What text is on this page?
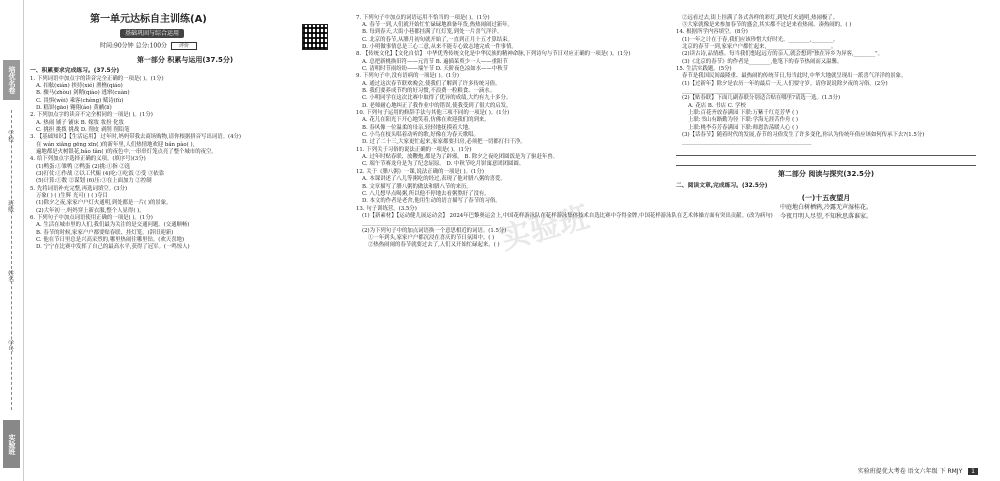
培优名卷
学校
班级
姓名
学号
实验班
实验班
第一单元达标自主训练(A)
基础巩固与综合运用
时间:90分钟 总分:100分 评价
第一部分 积累与运用(37.5分)

一、积累要求完成练习。(37.5分)

1. 下列词语中加点字的读音完全正确的一项是( )。(1分)

A. 扣舷(xián) 挟持(xié) 渔樵(qiáo)

B. 骤马(zhòu) 剑鞘(qiào) 逃窜(cuàn)

C. 畏惧(wèi) 乘客(chèng) 赋诗(fù)

D. 糕饼(gāo) 翱翔(áo) 黄鹂(lí)

2. 下列加点字的读音不完全相同的一项是( )。(1分)

A. 热闹 铺子 铺床 B. 嫁妆 妆扮 化妆

C. 挑担 挑拨 挑战 D. 削皮 剥削 削铅笔

3. 【基础知识】【生活运用】 过年时,妈妈带我去商场购物,请你根据拼音写出词语。(4分)

在 wán xiǎng gēng xīn( )的新年里,人们热情地欢迎 bǎn pào( ),

遍地都是火树银花,bǎo tǎn( )的夜色中,一串串灯笼点亮了整个城市的夜空。

4. 给下列加点字选择正确的义项。(填序号)(3分)

(1)鸭蛋:①雏鸭 ②鸭蛋 (2)挑:①指 ②选

(3)打仗:①作战 ②以工代赈 (4)吃:①吃饭 ②受 ③依靠

(5)计算:①数 ②谋划 (6)压:①在上面加力 ②控制

5. 先将词语补充完整,再选词填空。(3分)

万象( ) ( )生辉 光可( ) ( )夺目

(1)除夕之夜,家家户户灯火通明,到处都是一片( )的景象。

(2)大年初一,妈妈穿上新衣服,整个人显得( )。

6. 下列句子中加点词语使用正确的一项是( )。(1分)

A. 生活在城市里的人们,我们最为关注的是交通问题。(交通顺畅)

B. 春节的时候,家家户户都要贴春联、挂灯笼。(辞旧迎新)

C. 他在节日里总是兴高采烈的,哪里热闹往哪里钻。(欢天喜地)

D. 宁宁在比赛中发挥了自己的最高水平,获得了冠军。(一鸣惊人)

7. 下列句子中加点的词语运用不恰当的一项是( )。(1分)

A. 春节一到,人们就开始忙忙碌碌地准备年货,热热闹闹过新年。

B. 每到春天,大街小巷都挂满了红灯笼,到处一片喜气洋洋。

C. 北京的春节,从腊月初旬就开始了,一直到正月十五才算结束。

D. 小明做事情总是三心二意,从来不能专心致志地完成一件事情。

8. 【传统文化】【文化自信】 中华优秀传统文化是中华民族的精神命脉,下列诗句与节日对应正确的一项是( )。(1分)

A. 总把新桃换旧符——元宵节 B. 遍插茱萸少一人——重阳节

C. 清明时节雨纷纷——端午节 D. 天阶夜色凉如水——中秋节

9. 下列句子中,没有语病的一项是( )。(1分)

A. 通过这次春节联欢晚会,使我们了解到了许多传统习俗。

B. 我们要养成节约的好习惯,不浪费一粒粮食、一滴水。

C. 小明同学在这次比赛中取得了优异的成绩,大约有九十多分。

D. 老师耐心地纠正了我作业中的错误,使我受到了很大的启发。

10. 下列句子运用的修辞手法与其他三项不同的一项是( )。(1分)

A. 花儿在阳光下开心地笑着,仿佛在欢迎我们的到来。

B. 春风像一位温柔的母亲,轻轻地抚摸着大地。

C. 小鸟在枝头唱着动听的歌,好像在为春天歌唱。

D. 过了二十三,大家更忙起来,家家都要扫房,必须把一切都打扫干净。

11. 下列关于习俗的说法正确的一项是( )。(1分)

A. 过年时贴春联、放鞭炮,都是为了辟邪。 B. 除夕之夜吃团圆饭是为了驱赶年兽。

C. 端午节赛龙舟是为了纪念屈原。 D. 中秋节吃月饼寓意团团圆圆。

12. 关于《腊八粥》一课,说法正确的一项是( )。(1分)

A. 本课讲述了八儿等粥吃的经过,表现了他对腊八粥的喜爱。

B. 文章描写了腊八粥的做法和腊八节的来历。

C. 八儿想早点喝粥,所以他不停地去看粥熬好了没有。

D. 本文的作者是老舍,他用生动的语言描写了春节的习俗。

13. 句子训练营。(3.5分)

(1)【新素材】【运动健儿展运动会】 2024年巴黎奥运会上,中国花样游泳队在花样游泳集体技术自选比赛中夺得金牌,中国花样游泳队在艺术体操方面有突出贡献。(改为病句)

________________________________________________

(2)为下列句子中的加点词语换一个意思相近的词语。(1.5分)

①一年到头,家家户户都沉浸在喜庆的节日氛围中。( )

②热热闹闹的春节就要过去了,人们又开始忙碌起来。( )

②远看过去,街上挂满了各式各样的彩灯,到处灯火通明,热闹极了。

③大家就像是来参加春节的盛会,其实都不过是来看热闹、凑热闹的。( )

14. 根据所学内容填空。(8分)

(1)一年之计在于春,我们应该珍惜大好时光。________,________。

北京的春节一到,家家户户都忙起来,________________________。

(2)读古诗,品情感。每当我们想起远方的亲人,就会想到"独在异乡为异客,________"。

(3)《北京的春节》的作者是________,他笔下的春节热闹而又温馨。

15. 生活实践题。(5分)

春节是我国民间最隆重、最热闹的传统节日,每当此时,中华大地就呈现出一派喜气洋洋的景象。

(1)【过新年】除夕是农历一年的最后一天,人们要守岁。请你说说除夕夜的习俗。(2分)

________________________________________________

(2)【贴春联】下面几副春联分别适合贴在哪里?请选一选。(1.5分)

A. 花店 B. 书店 C. 学校

上联:百花齐放春满园 下联:万紫千红竞芳华 ( )

上联:书山有路勤为径 下联:学海无涯苦作舟 ( )

上联:桃李芬芳春满园 下联:师恩浩荡暖人心 ( )

(3)【话春节】随着时代的发展,春节的习俗发生了许多变化,你认为传统年俗应该如何传承下去?(1.5分)

________________________________________________

第二部分 阅读与探究(32.5分)
二、阅读文章,完成练习。(32.5分)
(一)十五夜望月
中庭地白树栖鸦,冷露无声湿桂花。
今夜月明人尽望,不知秋思落谁家。
实验班提优大考卷 语文六年级 下 RMJY 1
